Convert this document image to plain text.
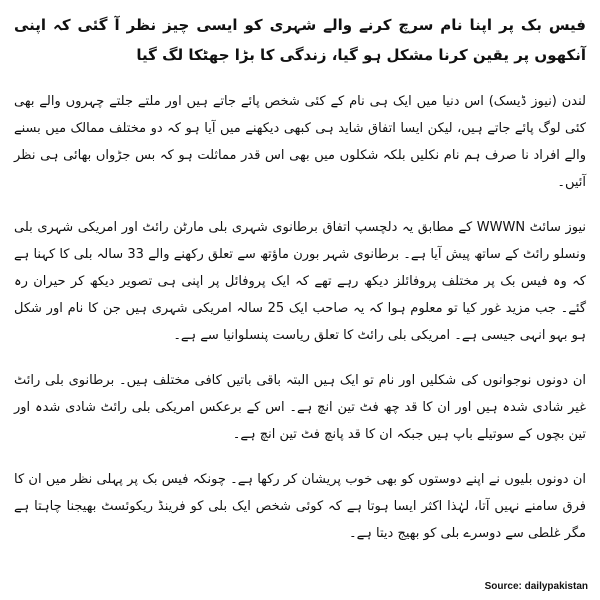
فیس بک پر اپنا نام سرچ کرنے والے شہری کو ایسی چیز نظر آ گئی کہ اپنی آنکھوں پر یقین کرنا مشکل ہو گیا، زندگی کا بڑا جھٹکا لگ گیا

لندن (نیوز ڈیسک) اس دنیا میں ایک ہی نام کے کئی شخص پائے جاتے ہیں اور ملتے جلتے چہروں والے بھی کئی لوگ پائے جاتے ہیں، لیکن ایسا اتفاق شاید ہی کبھی دیکھنے میں آیا ہو کہ دو مختلف ممالک میں بسنے والے افراد نا صرف ہم نام نکلیں بلکہ شکلوں میں بھی اس قدر مماثلت ہو کہ بس جڑواں بھائی ہی نظر آئیں۔

نیوز سائٹ WWWN کے مطابق یہ دلچسپ اتفاق برطانوی شہری بلی مارٹن رائٹ اور امریکی شہری بلی ونسلو رائٹ کے ساتھ پیش آیا ہے۔ برطانوی شہر بورن ماؤتھ سے تعلق رکھنے والے 33 سالہ بلی کا کہنا ہے کہ وہ فیس بک پر مختلف پروفائلز دیکھ رہے تھے کہ ایک پروفائل پر اپنی ہی تصویر دیکھ کر حیران رہ گئے۔ جب مزید غور کیا تو معلوم ہوا کہ یہ صاحب ایک 25 سالہ امریکی شہری ہیں جن کا نام اور شکل ہو بہو انہی جیسی ہے۔ امریکی بلی رائٹ کا تعلق ریاست پنسلوانیا سے ہے۔

ان دونوں نوجوانوں کی شکلیں اور نام تو ایک ہیں البتہ باقی باتیں کافی مختلف ہیں۔ برطانوی بلی رائٹ غیر شادی شدہ ہیں اور ان کا قد چھ فٹ تین انچ ہے۔ اس کے برعکس امریکی بلی رائٹ شادی شدہ اور تین بچوں کے سوتیلے باپ ہیں جبکہ ان کا قد پانچ فٹ تین انچ ہے۔

ان دونوں بلیوں نے اپنے دوستوں کو بھی خوب پریشان کر رکھا ہے۔ چونکہ فیس بک پر پہلی نظر میں ان کا فرق سامنے نہیں آتا، لہٰذا اکثر ایسا ہوتا ہے کہ کوئی شخص ایک بلی کو فرینڈ ریکوئسٹ بھیجنا چاہتا ہے مگر غلطی سے دوسرے بلی کو بھیج دیتا ہے۔

Source: dailypakistan
